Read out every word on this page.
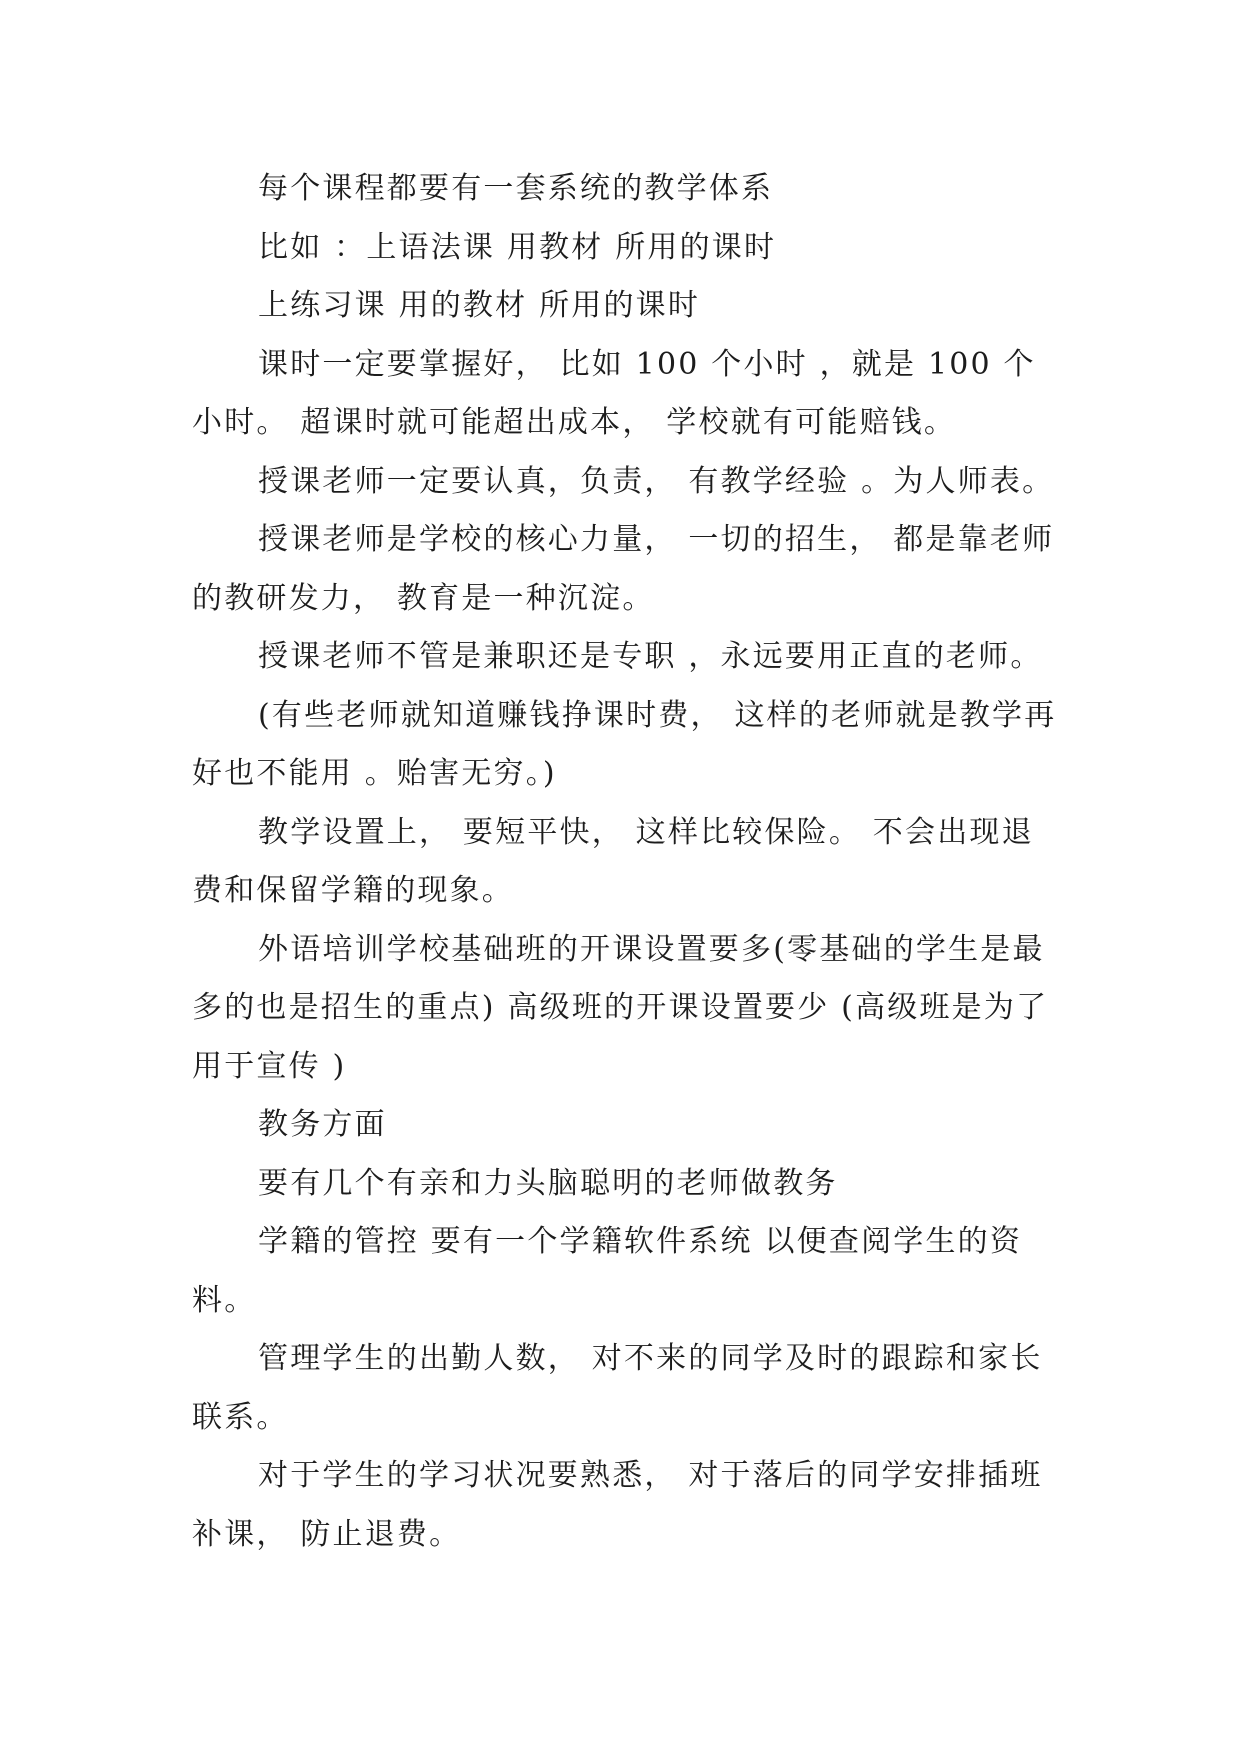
每个课程都要有一套系统的教学体系

比如 ：上语法课 用教材 所用的课时

上练习课 用的教材 所用的课时

课时一定要掌握好， 比如 100 个小时 ，就是 100 个小时。 超课时就可能超出成本， 学校就有可能赔钱。

授课老师一定要认真，负责， 有教学经验 。为人师表。

授课老师是学校的核心力量， 一切的招生， 都是靠老师的教研发力， 教育是一种沉淀。

授课老师不管是兼职还是专职 ，永远要用正直的老师。

(有些老师就知道赚钱挣课时费， 这样的老师就是教学再好也不能用 。贻害无穷。)

教学设置上， 要短平快， 这样比较保险。 不会出现退费和保留学籍的现象。

外语培训学校基础班的开课设置要多(零基础的学生是最多的也是招生的重点) 高级班的开课设置要少 (高级班是为了用于宣传 )

教务方面

要有几个有亲和力头脑聪明的老师做教务

学籍的管控 要有一个学籍软件系统 以便查阅学生的资料。

管理学生的出勤人数， 对不来的同学及时的跟踪和家长联系。

对于学生的学习状况要熟悉， 对于落后的同学安排插班补课， 防止退费。
